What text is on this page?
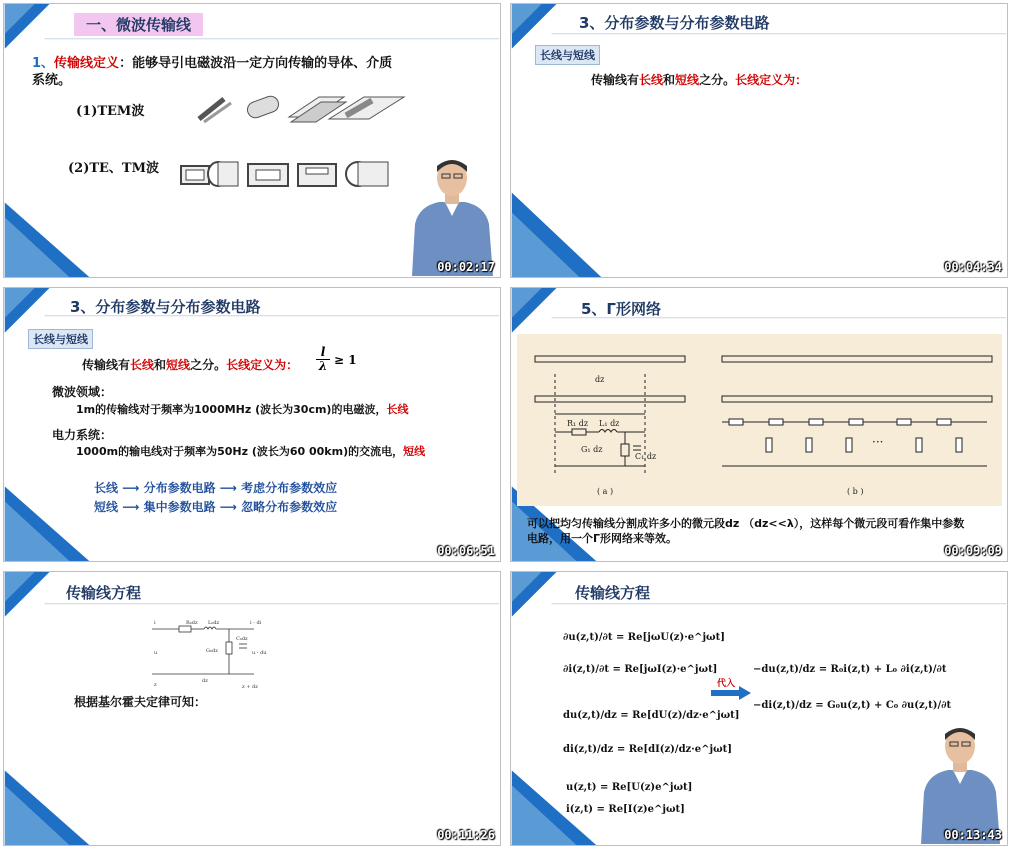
一、微波传输线
1、传输线定义：能够导引电磁波沿一定方向传输的导体、介质
系统。
(1)TEM波
(2)TE、TM波
00:02:17
3、分布参数与分布参数电路
长线与短线
传输线有长线和短线之分。长线定义为：
00:04:34
3、分布参数与分布参数电路
长线与短线
传输线有长线和短线之分。长线定义为： $\frac{l}{\lambda} \ge 1$
微波领域：
1m的传输线对于频率为1000MHz (波长为30cm)的电磁波，长线
电力系统：
1000m的输电线对于频率为50Hz (波长为60 00km)的交流电，短线
长线 ⟶ 分布参数电路 ⟶ 考虑分布参数效应
短线 ⟶ 集中参数电路 ⟶ 忽略分布参数效应
00:06:51
5、Γ形网络
dz
R₁ dz L₁ dz
G₁ dz
C₁ dz
···
( a )	( b )
可以把均匀传输线分割成许多小的微元段dz （dz<<λ），这样每个微元段可看作集中参数
电路，用一个Γ形网络来等效。
00:09:09
传输线方程
i	i - di
u	u - du
R₀dz L₀dz
G₀dz
C₀dz
z
dz
z + dz
根据基尔霍夫定律可知：
00:11:26
传输线方程
∂u(z,t)/∂t = Re[jωU(z)·e^jωt]
∂i(z,t)/∂t = Re[jωI(z)·e^jωt]
du(z,t)/dz = Re[dU(z)/dz·e^jωt]
di(z,t)/dz = Re[dI(z)/dz·e^jωt]
u(z,t) = Re[U(z)e^jωt]
i(z,t) = Re[I(z)e^jωt]
代入
−du(z,t)/dz = R₀i(z,t) + L₀ ∂i(z,t)/∂t
−di(z,t)/dz = G₀u(z,t) + C₀ ∂u(z,t)/∂t
00:13:43
